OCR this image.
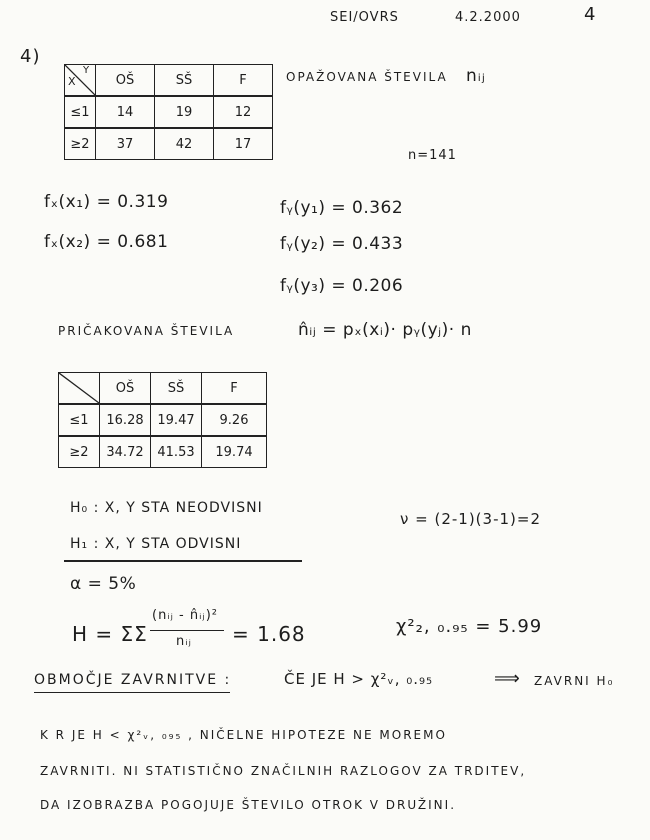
SEI/OVRS	4.2.2000	4
4)
X
Y	OŠ	SŠ	F
≤1	14	19	12
≥2	37	42	17
OPAŽOVANA ŠTEVILA nᵢⱼ
n=141
fₓ(x₁) = 0.319
fₓ(x₂) = 0.681
fᵧ(y₁) = 0.362
fᵧ(y₂) = 0.433
fᵧ(y₃) = 0.206
PRIČAKOVANA ŠTEVILA	n̂ᵢⱼ = pₓ(xᵢ)· pᵧ(yⱼ)· n
	OŠ	SŠ	F
≤1	16.28	19.47	9.26
≥2	34.72	41.53	19.74
H₀ : X, Y STA NEODVISNI
H₁ : X, Y STA ODVISNI
ν = (2-1)(3-1)=2
α = 5%
H = ΣΣ
(nᵢⱼ - n̂ᵢⱼ)²
nᵢⱼ = 1.68	χ²₂, ₀.₉₅ = 5.99
OBMOČJE ZAVRNITVE :	ČE JE H > χ²ᵥ, ₀.₉₅	⟹ ZAVRNI H₀
K R JE H < χ²ᵥ, ₀₉₅ , NIČELNE HIPOTEZE NE MOREMO
ZAVRNITI. NI STATISTIČNO ZNAČILNIH RAZLOGOV ZA TRDITEV,
DA IZOBRAZBA POGOJUJE ŠTEVILO OTROK V DRUŽINI.
